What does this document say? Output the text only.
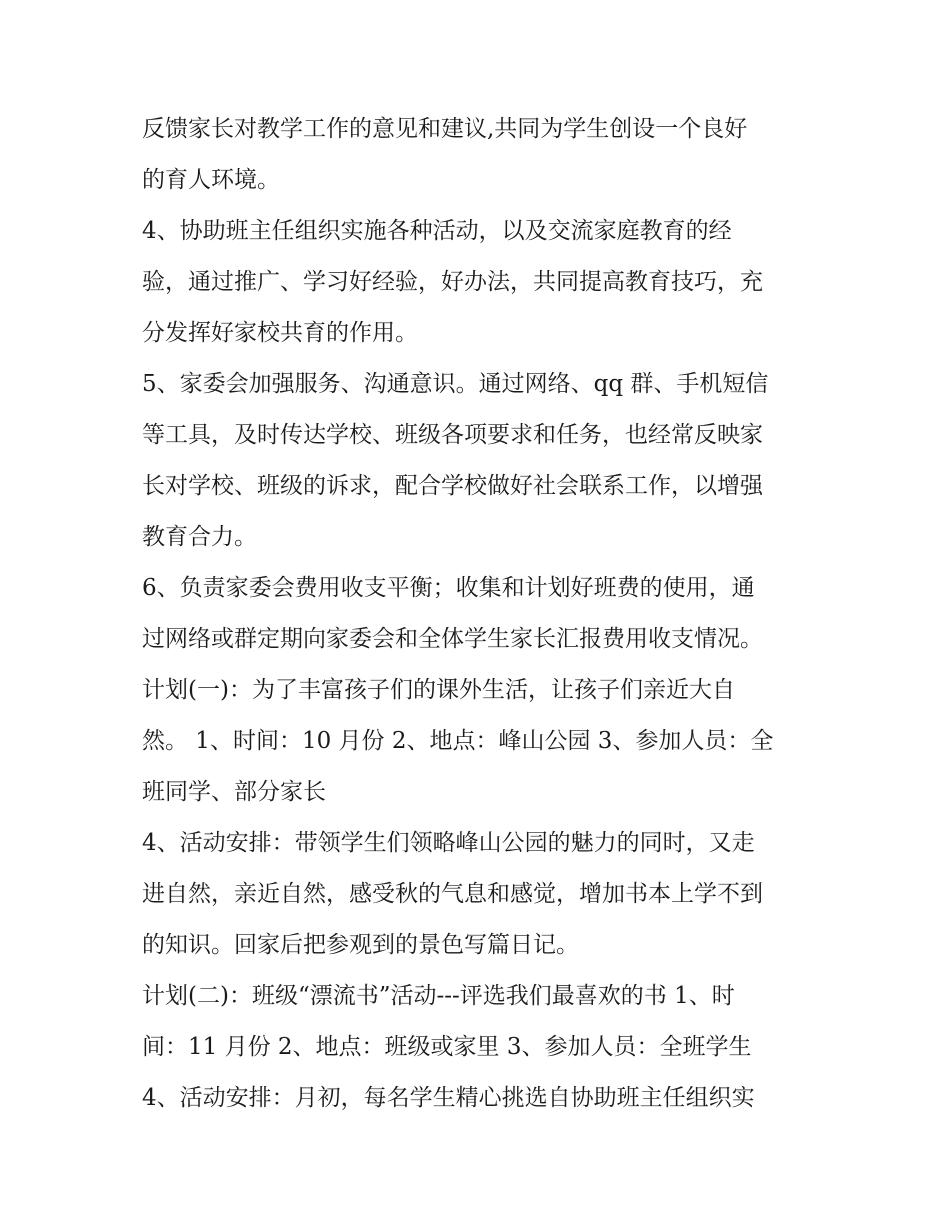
反馈家长对教学工作的意见和建议,共同为学生创设一个良好
的育人环境。
4、协助班主任组织实施各种活动，以及交流家庭教育的经
验，通过推广、学习好经验，好办法，共同提高教育技巧，充
分发挥好家校共育的作用。
5、家委会加强服务、沟通意识。通过网络、qq 群、手机短信
等工具，及时传达学校、班级各项要求和任务，也经常反映家
长对学校、班级的诉求，配合学校做好社会联系工作，以增强
教育合力。
6、负责家委会费用收支平衡；收集和计划好班费的使用，通
过网络或群定期向家委会和全体学生家长汇报费用收支情况。
计划(一)：为了丰富孩子们的课外生活，让孩子们亲近大自
然。 1、时间：10 月份 2、地点：峰山公园 3、参加人员：全
班同学、部分家长
4、活动安排：带领学生们领略峰山公园的魅力的同时，又走
进自然，亲近自然，感受秋的气息和感觉，增加书本上学不到
的知识。回家后把参观到的景色写篇日记。
计划(二)：班级“漂流书”活动---评选我们最喜欢的书 1、时
间：11 月份 2、地点：班级或家里 3、参加人员：全班学生
4、活动安排：月初，每名学生精心挑选自协助班主任组织实
